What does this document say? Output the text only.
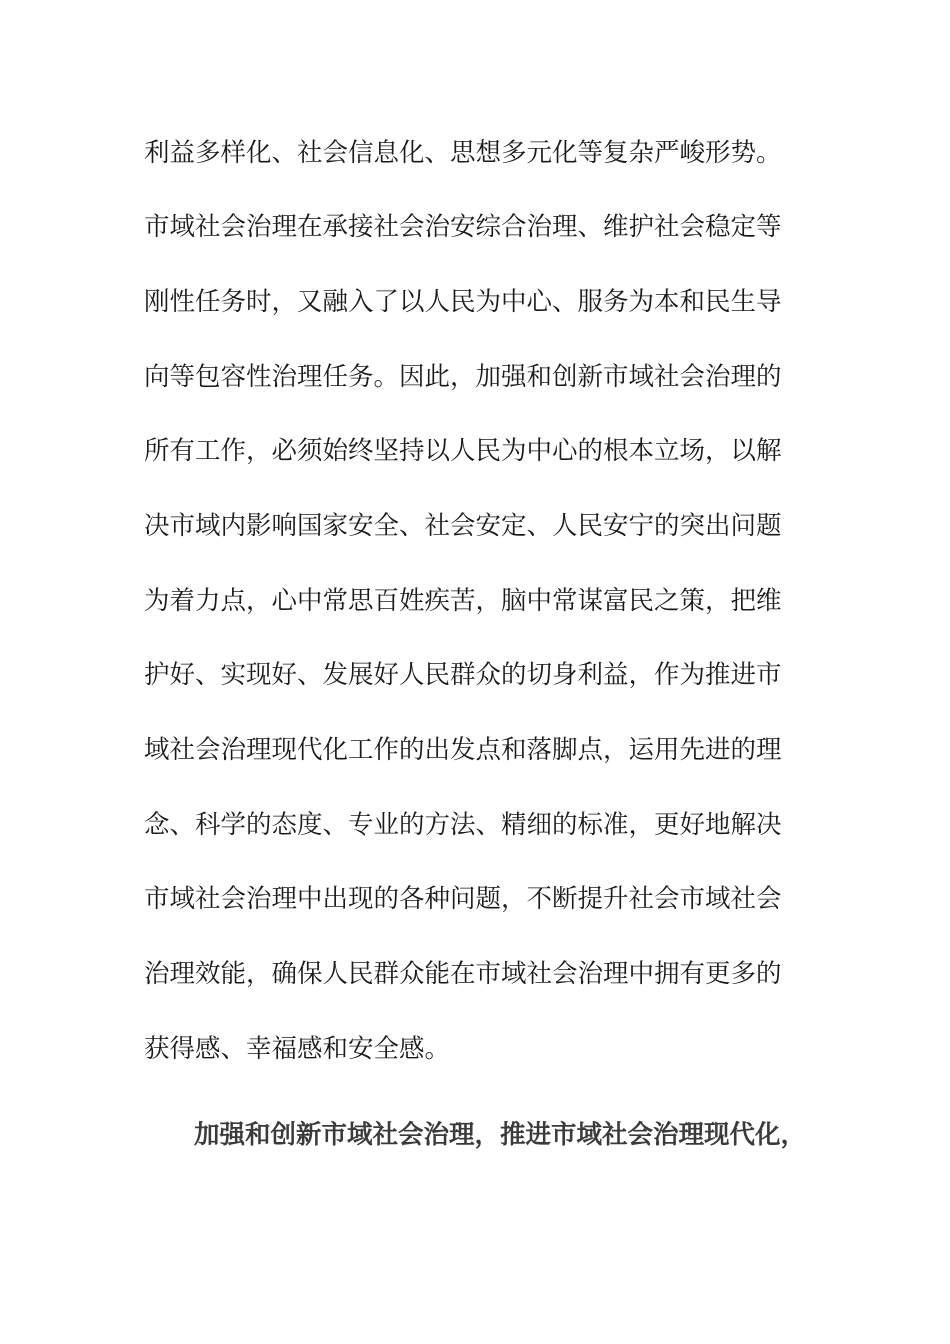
利益多样化、社会信息化、思想多元化等复杂严峻形势。
市域社会治理在承接社会治安综合治理、维护社会稳定等
刚性任务时，又融入了以人民为中心、服务为本和民生导
向等包容性治理任务。因此，加强和创新市域社会治理的
所有工作，必须始终坚持以人民为中心的根本立场，以解
决市域内影响国家安全、社会安定、人民安宁的突出问题
为着力点，心中常思百姓疾苦，脑中常谋富民之策，把维
护好、实现好、发展好人民群众的切身利益，作为推进市
域社会治理现代化工作的出发点和落脚点，运用先进的理
念、科学的态度、专业的方法、精细的标准，更好地解决
市域社会治理中出现的各种问题，不断提升社会市域社会
治理效能，确保人民群众能在市域社会治理中拥有更多的
获得感、幸福感和安全感。
加强和创新市域社会治理，推进市域社会治理现代化，
